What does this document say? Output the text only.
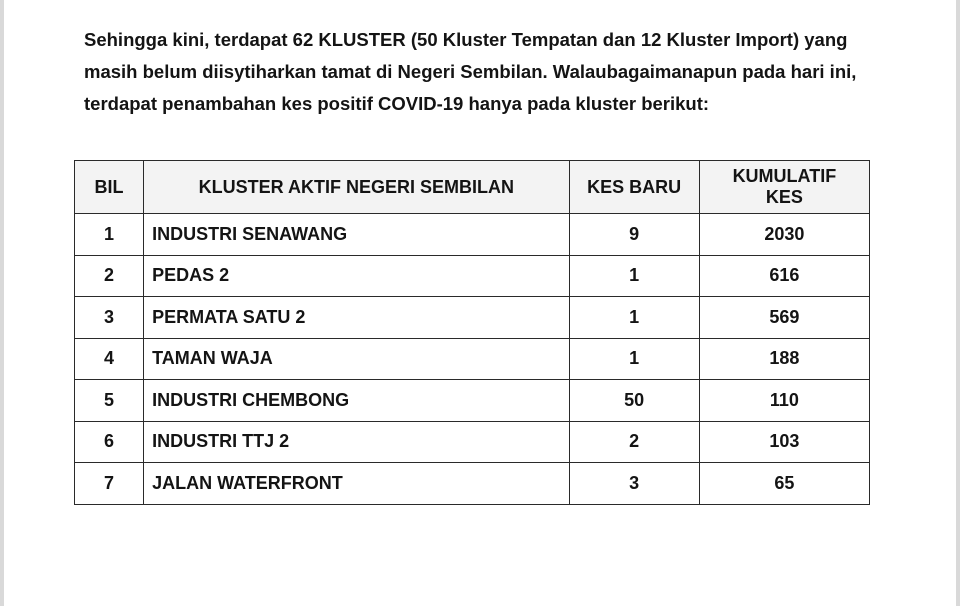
Sehingga kini, terdapat 62 KLUSTER (50 Kluster Tempatan dan 12 Kluster Import) yang
masih belum diisytiharkan tamat di Negeri Sembilan. Walaubagaimanapun pada hari ini,
terdapat penambahan kes positif COVID-19 hanya pada kluster berikut:
BIL	KLUSTER AKTIF NEGERI SEMBILAN	KES BARU	KUMULATIF
KES
1	INDUSTRI SENAWANG	9	2030
2	PEDAS 2	1	616
3	PERMATA SATU 2	1	569
4	TAMAN WAJA	1	188
5	INDUSTRI CHEMBONG	50	110
6	INDUSTRI TTJ 2	2	103
7	JALAN WATERFRONT	3	65
